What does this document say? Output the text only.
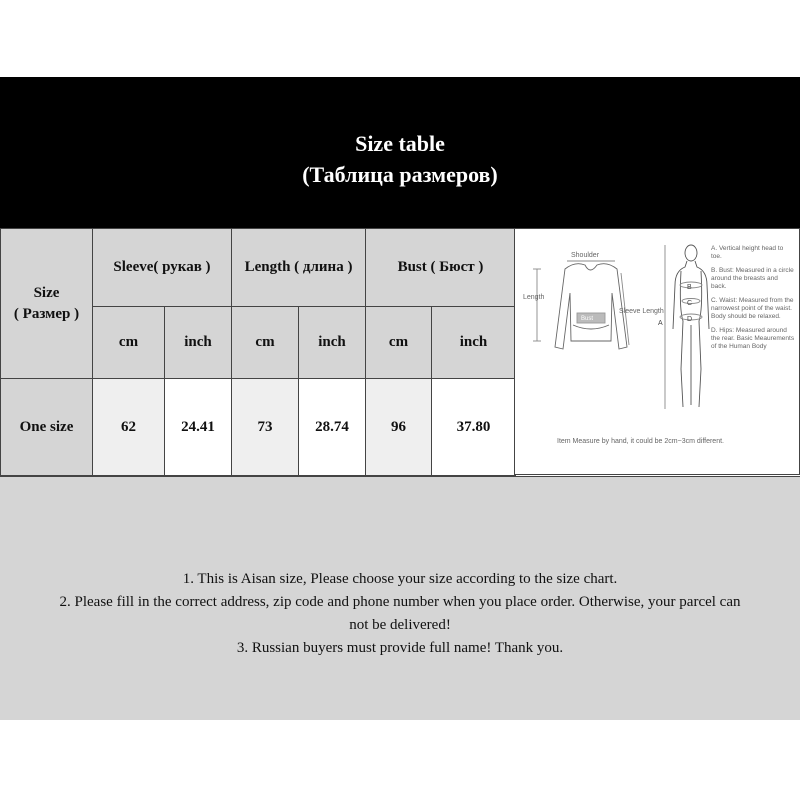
Size table
(Таблица размеров)
Size
( Размер )	Sleeve( рукав )		Length ( длина )		Bust ( Бюст )	
	cm	inch	cm	inch	cm	inch
One size	62	24.41	73	28.74	96	37.80
Shoulder
Length
Bust
Sleeve Length
A
B
C
D
A. Vertical height head to toe.
B. Bust: Measured in a circle around the breasts and back.
C. Waist: Measured from the narrowest point of the waist. Body should be relaxed.
D. Hips: Measured around the rear. Basic Meaurements of the Human Body
Item Measure by hand, it could be 2cm~3cm different.
1. This is Aisan size, Please choose your size according to the size chart.
2. Please fill in the correct address, zip code and phone number when you place order. Otherwise, your parcel can
not be delivered!
3. Russian buyers must provide full name! Thank you.
